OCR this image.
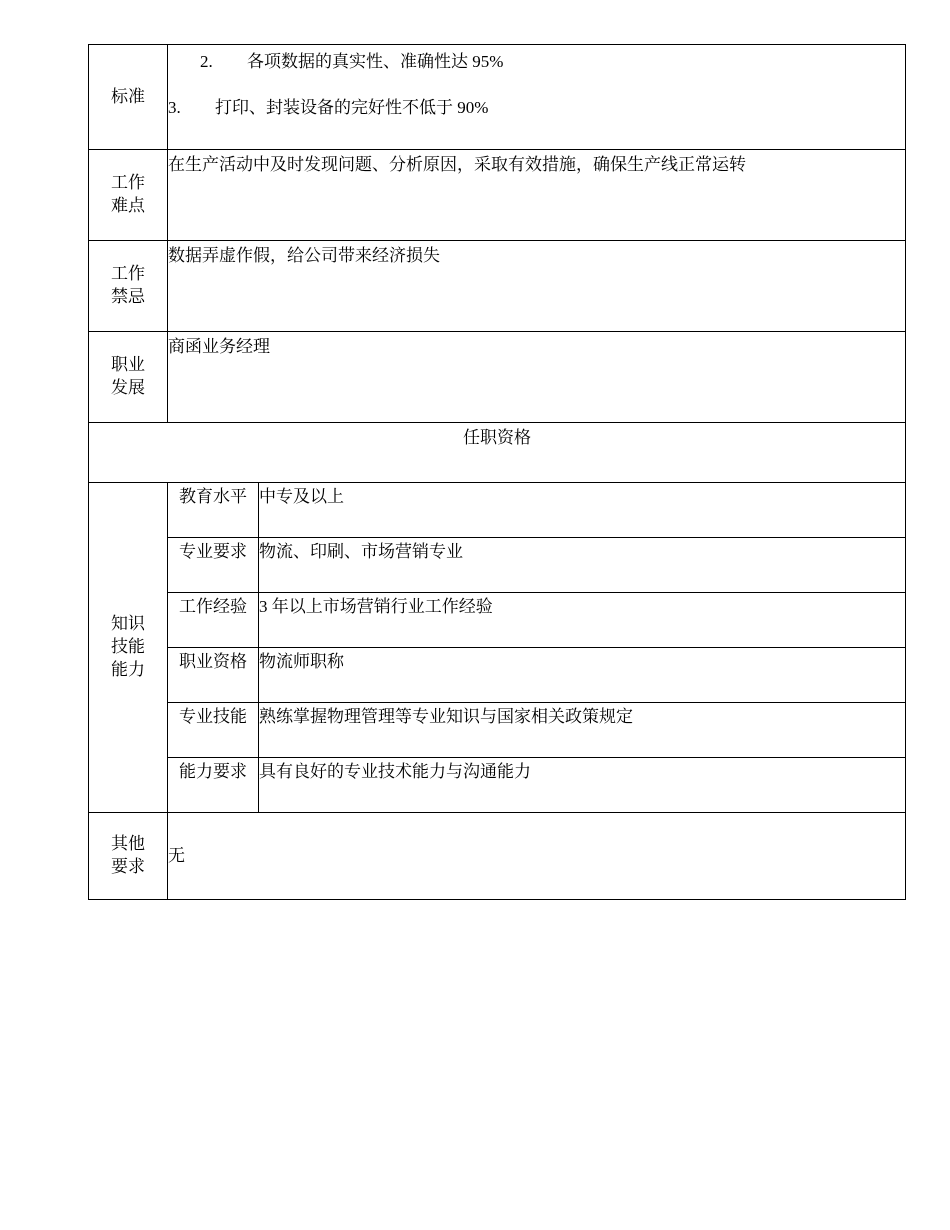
标准	2. 各项数据的真实性、准确性达 95%
3. 打印、封装设备的完好性不低于 90%	

工作
难点	在生产活动中及时发现问题、分析原因，采取有效措施，确保生产线正常运转	

工作
禁忌	数据弄虚作假，给公司带来经济损失	

职业
发展	商函业务经理	
任职资格		

知识
技能
能力	教育水平	中专及以上
	专业要求	物流、印刷、市场营销专业
	工作经验	3 年以上市场营销行业工作经验
	职业资格	物流师职称
	专业技能	熟练掌握物理管理等专业知识与国家相关政策规定
	能力要求	具有良好的专业技术能力与沟通能力

其他
要求	无	
